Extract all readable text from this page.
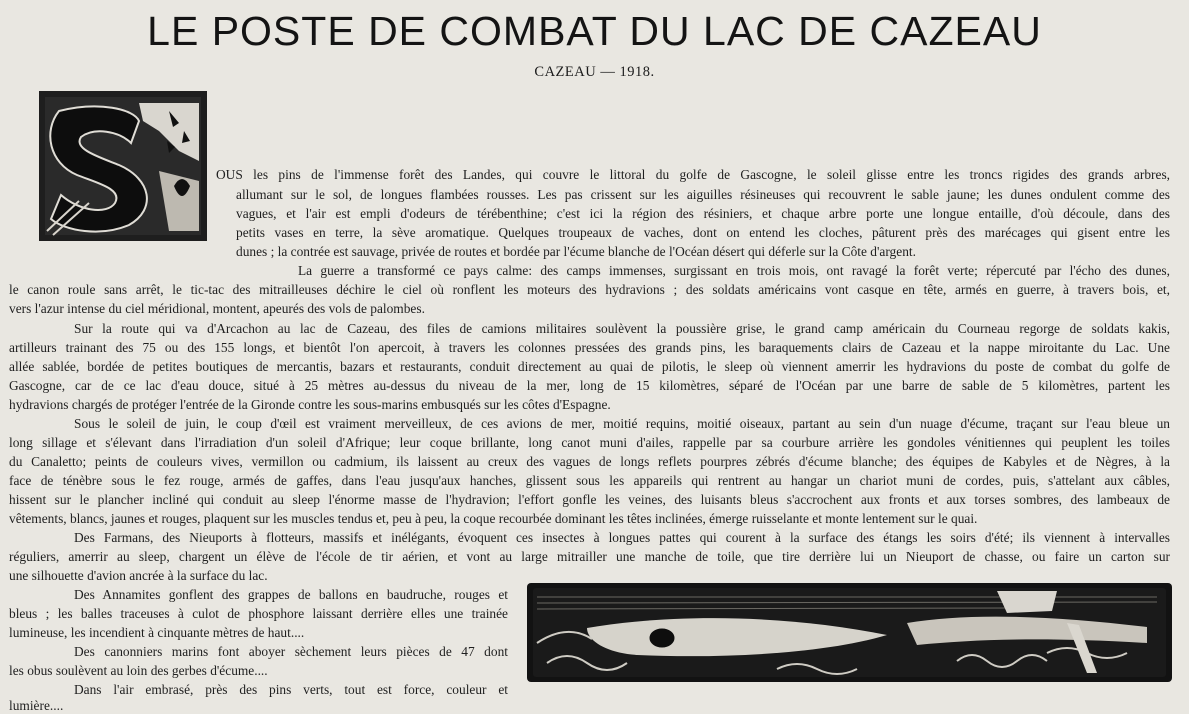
LE POSTE DE COMBAT DU LAC DE CAZEAU
CAZEAU — 1918.
OUS les pins de l'immense forêt des Landes, qui couvre le littoral du golfe de Gascogne, le soleil glisse entre les troncs rigides des grands arbres,
allumant sur le sol, de longues flambées rousses. Les pas crissent sur les aiguilles résineuses qui recouvrent le sable jaune; les dunes ondulent comme des
vagues, et l'air est empli d'odeurs de térébenthine; c'est ici la région des résiniers, et chaque arbre porte une longue entaille, d'où découle, dans des
petits vases en terre, la sève aromatique. Quelques troupeaux de vaches, dont on entend les cloches, pâturent près des marécages qui gisent entre les
dunes ; la contrée est sauvage, privée de routes et bordée par l'écume blanche de l'Océan désert qui déferle sur la Côte d'argent.
La guerre a transformé ce pays calme: des camps immenses, surgissant en trois mois, ont ravagé la forêt verte; répercuté par l'écho des dunes,
le canon roule sans arrêt, le tic-tac des mitrailleuses déchire le ciel où ronflent les moteurs des hydravions ; des soldats américains vont casque en tête, armés en guerre, à travers bois, et,
vers l'azur intense du ciel méridional, montent, apeurés des vols de palombes.
Sur la route qui va d'Arcachon au lac de Cazeau, des files de camions militaires soulèvent la poussière grise, le grand camp américain du Courneau regorge de soldats kakis,
artilleurs trainant des 75 ou des 155 longs, et bientôt l'on apercoit, à travers les colonnes pressées des grands pins, les baraquements clairs de Cazeau et la nappe miroitante du Lac. Une
allée sablée, bordée de petites boutiques de mercantis, bazars et restaurants, conduit directement au quai de pilotis, le sleep où viennent amerrir les hydravions du poste de combat du golfe de
Gascogne, car de ce lac d'eau douce, situé à 25 mètres au-dessus du niveau de la mer, long de 15 kilomètres, séparé de l'Océan par une barre de sable de 5 kilomètres, partent les
hydravions chargés de protéger l'entrée de la Gironde contre les sous-marins embusqués sur les côtes d'Espagne.
Sous le soleil de juin, le coup d'œil est vraiment merveilleux, de ces avions de mer, moitié requins, moitié oiseaux, partant au sein d'un nuage d'écume, traçant sur l'eau bleue un
long sillage et s'élevant dans l'irradiation d'un soleil d'Afrique; leur coque brillante, long canot muni d'ailes, rappelle par sa courbure arrière les gondoles vénitiennes qui peuplent les toiles
du Canaletto; peints de couleurs vives, vermillon ou cadmium, ils laissent au creux des vagues de longs reflets pourpres zébrés d'écume blanche; des équipes de Kabyles et de Nègres, à la
face de ténèbre sous le fez rouge, armés de gaffes, dans l'eau jusqu'aux hanches, glissent sous les appareils qui rentrent au hangar un chariot muni de cordes, puis, s'attelant aux câbles,
hissent sur le plancher incliné qui conduit au sleep l'énorme masse de l'hydravion; l'effort gonfle les veines, des luisants bleus s'accrochent aux fronts et aux torses sombres, des lambeaux de
vêtements, blancs, jaunes et rouges, plaquent sur les muscles tendus et, peu à peu, la coque recourbée dominant les têtes inclinées, émerge ruisselante et monte lentement sur le quai.
Des Farmans, des Nieuports à flotteurs, massifs et inélégants, évoquent ces insectes à longues pattes qui courent à la surface des étangs les soirs d'été; ils viennent à intervalles
réguliers, amerrir au sleep, chargent un élève de l'école de tir aérien, et vont au large mitrailler une manche de toile, que tire derrière lui un Nieuport de chasse, ou faire un carton sur
une silhouette d'avion ancrée à la surface du lac.
Des Annamites gonflent des grappes de ballons en baudruche, rouges et
bleus ; les balles traceuses à culot de phosphore laissant derrière elles une trainée
lumineuse, les incendient à cinquante mètres de haut....
Des canonniers marins font aboyer sèchement leurs pièces de 47 dont
les obus soulèvent au loin des gerbes d'écume....
Dans l'air embrasé, près des pins verts, tout est force, couleur et
lumière....
